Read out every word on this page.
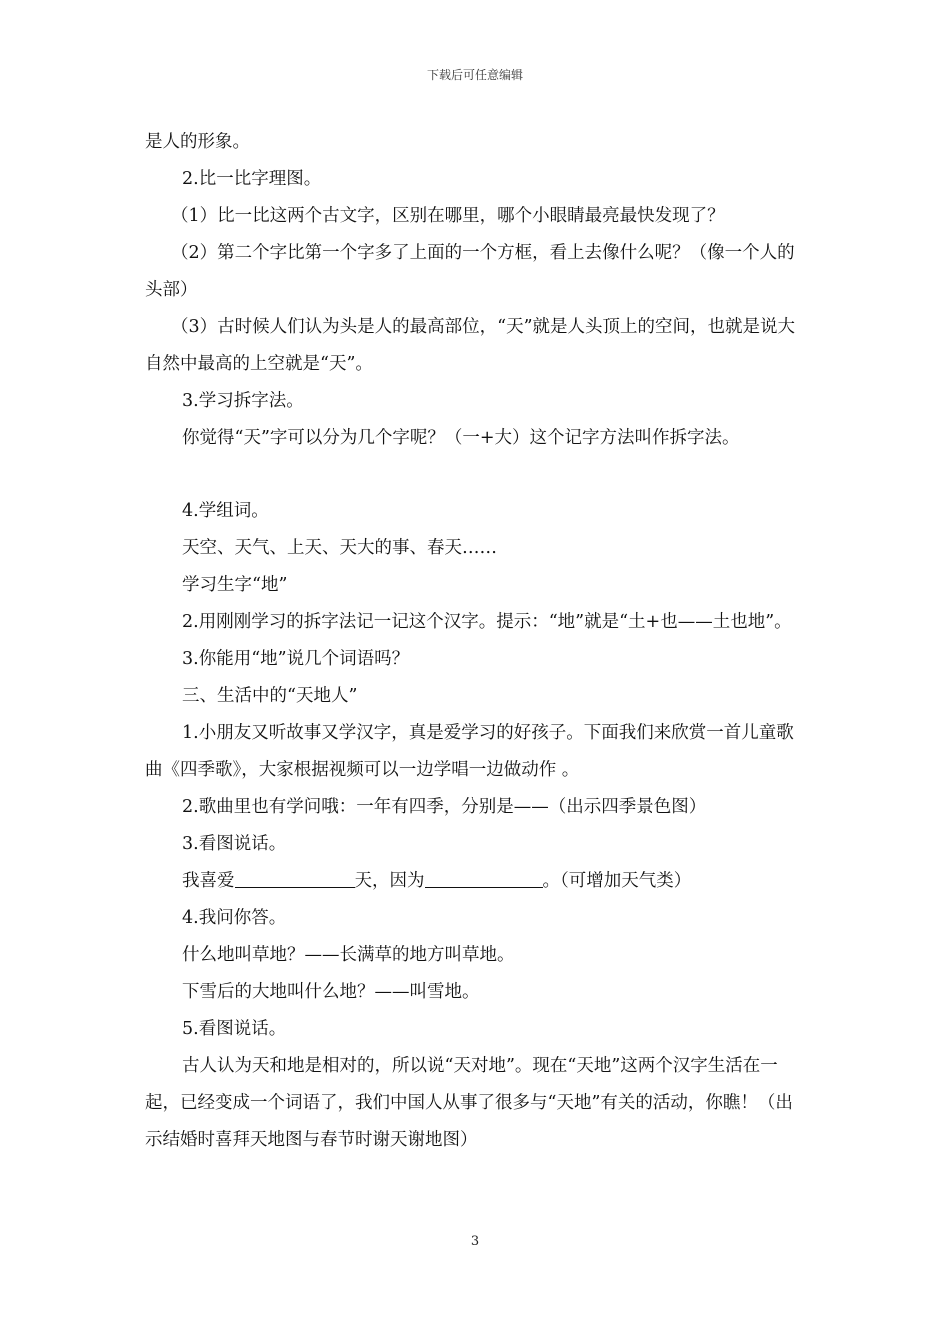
下载后可任意编辑

是人的形象。

2.比一比字理图。

（1）比一比这两个古文字，区别在哪里，哪个小眼睛最亮最快发现了？

（2）第二个字比第一个字多了上面的一个方框，看上去像什么呢？（像一个人的头部）

（3）古时候人们认为头是人的最高部位，“天”就是人头顶上的空间，也就是说大自然中最高的上空就是“天”。

3.学习拆字法。

你觉得“天”字可以分为几个字呢？（一+大）这个记字方法叫作拆字法。

4.学组词。

天空、天气、上天、天大的事、春天……

学习生字“地”

2.用刚刚学习的拆字法记一记这个汉字。提示：“地”就是“土+也——土也地”。

3.你能用“地”说几个词语吗？

三、生活中的“天地人”

1.小朋友又听故事又学汉字，真是爱学习的好孩子。下面我们来欣赏一首儿童歌曲《四季歌》，大家根据视频可以一边学唱一边做动作 。

2.歌曲里也有学问哦：一年有四季，分别是——（出示四季景色图）

3.看图说话。

我喜爱	天，因为	。（可增加天气类）

4.我问你答。

什么地叫草地？——长满草的地方叫草地。

下雪后的大地叫什么地？——叫雪地。

5.看图说话。

古人认为天和地是相对的，所以说“天对地”。现在“天地”这两个汉字生活在一起，已经变成一个词语了，我们中国人从事了很多与“天地”有关的活动，你瞧！（出示结婚时喜拜天地图与春节时谢天谢地图）

3
